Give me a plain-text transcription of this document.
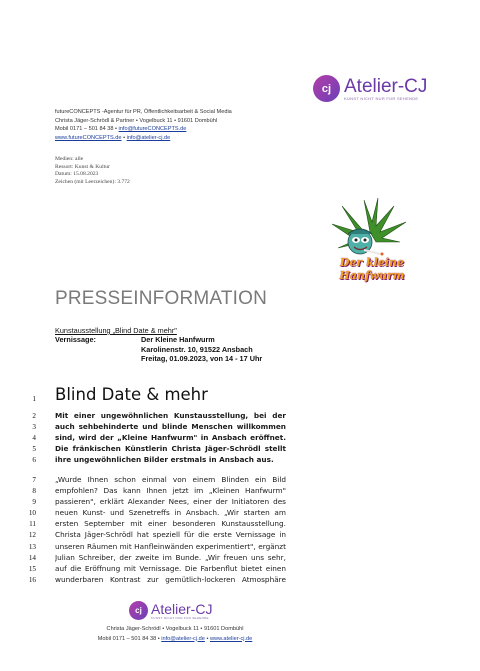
cj Atelier-CJ
KUNST NICHT NUR FÜR SEHENDE
futureCONCEPTS -Agentur für PR, Öffentlichkeitsarbeit & Social Media
Christa Jäger-Schrödl & Partner • Vogelbuck 11 • 91601 Dombühl
Mobil 0171 – 501 84 38 • info@futureCONCEPTS.de
www.futureCONCEPTS.de • info@atelier-cj.de
Medien: alle
Ressort: Kunst & Kultur
Datum: 15.08.2023
Zeichen (mit Leerzeichen): 3.772
Der kleine Hanfwurm
PRESSEINFORMATION
Kunstausstellung „Blind Date & mehr"
Vernissage:	Der Kleine Hanfwurm
Karolinenstr. 10, 91522 Ansbach
Freitag, 01.09.2023, von 14 - 17 Uhr
1 Blind Date & mehr
2	Mit einer ungewöhnlichen Kunstausstellung, bei der
3	auch sehbehinderte und blinde Menschen willkommen
4	sind, wird der „Kleine Hanfwurm" in Ansbach eröffnet.
5	Die fränkischen Künstlerin Christa Jäger-Schrödl stellt
6	ihre ungewöhnlichen Bilder erstmals in Ansbach aus.
7	„Wurde Ihnen schon einmal von einem Blinden ein Bild
8	empfohlen? Das kann Ihnen jetzt im „Kleinen Hanfwurm"
9	passieren", erklärt Alexander Nees, einer der Initiatoren des
10	neuen Kunst- und Szenetreffs in Ansbach. „Wir starten am
11	ersten September mit einer besonderen Kunstausstellung.
12	Christa Jäger-Schrödl hat speziell für die erste Vernissage in
13	unseren Räumen mit Hanfleinwänden experimentiert", ergänzt
14	Julian Schreiber, der zweite im Bunde. „Wir freuen uns sehr,
15	auf die Eröffnung mit Vernissage. Die Farbenflut bietet einen
16	wunderbaren Kontrast zur gemütlich-lockeren Atmosphäre
cj Atelier-CJ
KUNST NICHT NUR FÜR SEHENDE
Christa Jäger-Schrödl • Vogelbuck 11 • 91601 Dombühl
Mobil 0171 – 501 84 38 • info@atelier-cj.de • www.atelier-cj.de
